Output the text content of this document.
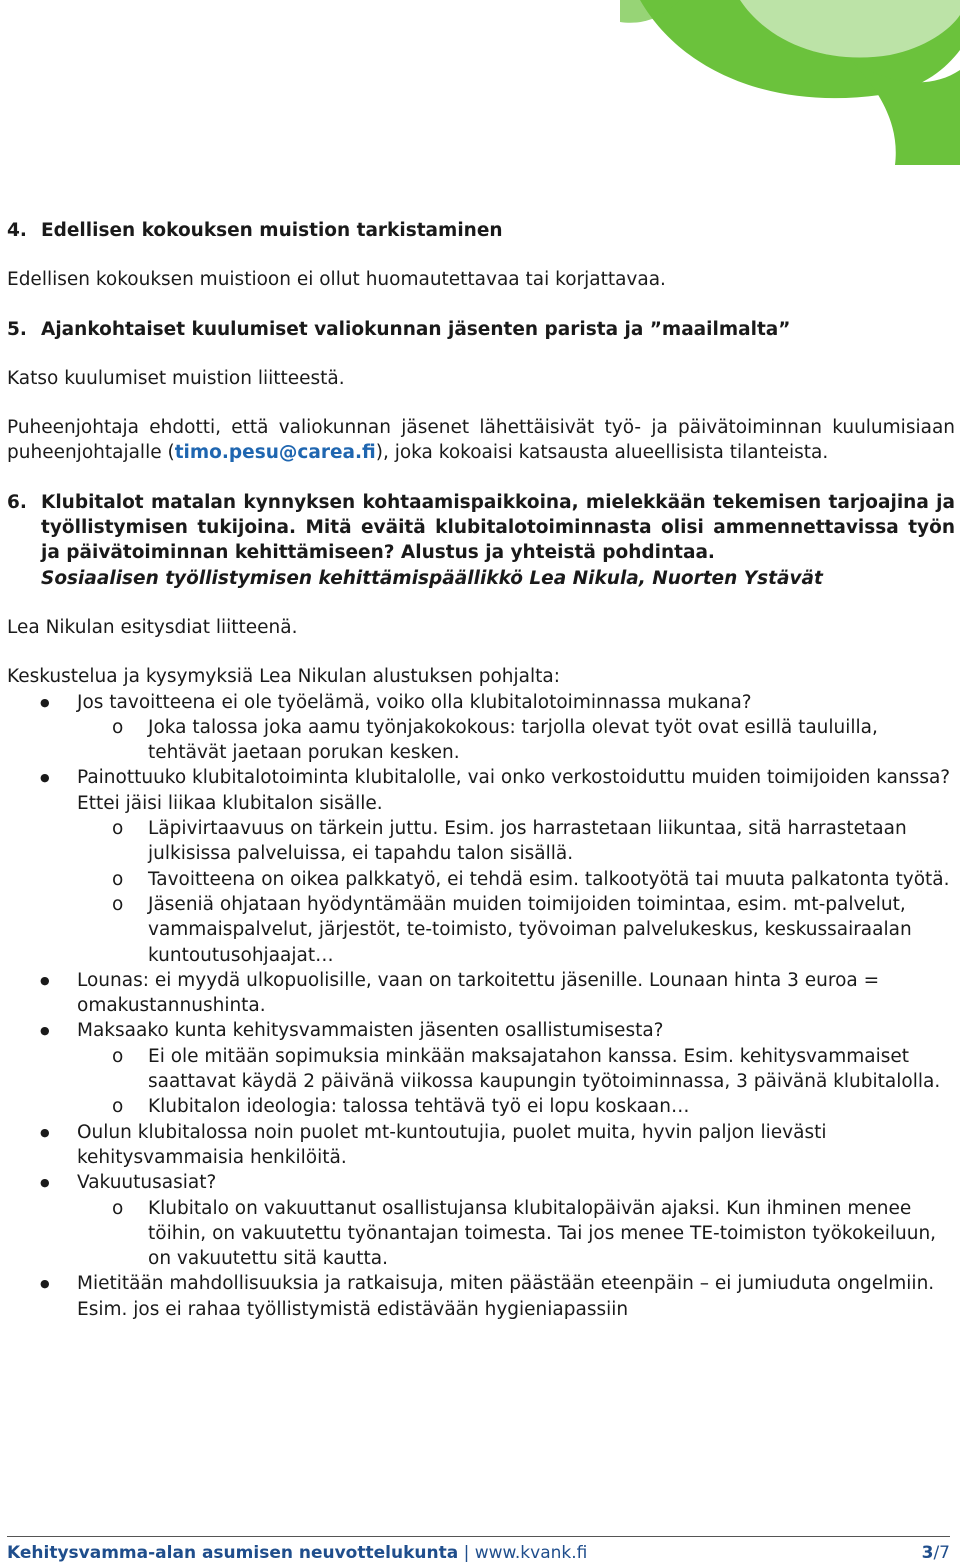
4. Edellisen kokouksen muistion tarkistaminen

Edellisen kokouksen muistioon ei ollut huomautettavaa tai korjattavaa.

5. Ajankohtaiset kuulumiset valiokunnan jäsenten parista ja ”maailmalta”

Katso kuulumiset muistion liitteestä.

Puheenjohtaja ehdotti, että valiokunnan jäsenet lähettäisivät työ- ja päivätoiminnan kuulumisiaan puheenjohtajalle (timo.pesu@carea.fi), joka kokoaisi katsausta alueellisista tilanteista.

6. Klubitalot matalan kynnyksen kohtaamispaikkoina, mielekkään tekemisen tarjoajina ja työllistymisen tukijoina. Mitä eväitä klubitalotoiminnasta olisi ammennettavissa työn ja päivätoiminnan kehittämiseen? Alustus ja yhteistä pohdintaa.
Sosiaalisen työllistymisen kehittämispäällikkö Lea Nikula, Nuorten Ystävät

Lea Nikulan esitysdiat liitteenä.

Keskustelua ja kysymyksiä Lea Nikulan alustuksen pohjalta:

● Jos tavoitteena ei ole työelämä, voiko olla klubitalotoiminnassa mukana?
o Joka talossa joka aamu työnjakokokous: tarjolla olevat työt ovat esillä tauluilla, tehtävät jaetaan porukan kesken.
● Painottuuko klubitalotoiminta klubitalolle, vai onko verkostoiduttu muiden toimijoiden kanssa? Ettei jäisi liikaa klubitalon sisälle.
o Läpivirtaavuus on tärkein juttu. Esim. jos harrastetaan liikuntaa, sitä harrastetaan julkisissa palveluissa, ei tapahdu talon sisällä.
o Tavoitteena on oikea palkkatyö, ei tehdä esim. talkootyötä tai muuta palkatonta työtä.
o Jäseniä ohjataan hyödyntämään muiden toimijoiden toimintaa, esim. mt-palvelut, vammaispalvelut, järjestöt, te-toimisto, työvoiman palvelukeskus, keskussairaalan kuntoutusohjaajat…
● Lounas: ei myydä ulkopuolisille, vaan on tarkoitettu jäsenille. Lounaan hinta 3 euroa = omakustannushinta.
● Maksaako kunta kehitysvammaisten jäsenten osallistumisesta?
o Ei ole mitään sopimuksia minkään maksajatahon kanssa. Esim. kehitysvammaiset saattavat käydä 2 päivänä viikossa kaupungin työtoiminnassa, 3 päivänä klubitalolla.
o Klubitalon ideologia: talossa tehtävä työ ei lopu koskaan…
● Oulun klubitalossa noin puolet mt-kuntoutujia, puolet muita, hyvin paljon lievästi kehitysvammaisia henkilöitä.
● Vakuutusasiat?
o Klubitalo on vakuuttanut osallistujansa klubitalopäivän ajaksi. Kun ihminen menee töihin, on vakuutettu työnantajan toimesta. Tai jos menee TE-toimiston työkokeiluun, on vakuutettu sitä kautta.
● Mietitään mahdollisuuksia ja ratkaisuja, miten päästään eteenpäin – ei jumiuduta ongelmiin. Esim. jos ei rahaa työllistymistä edistävään hygieniapassiin
Kehitysvamma-alan asumisen neuvottelukunta | www.kvank.fi	3/7
